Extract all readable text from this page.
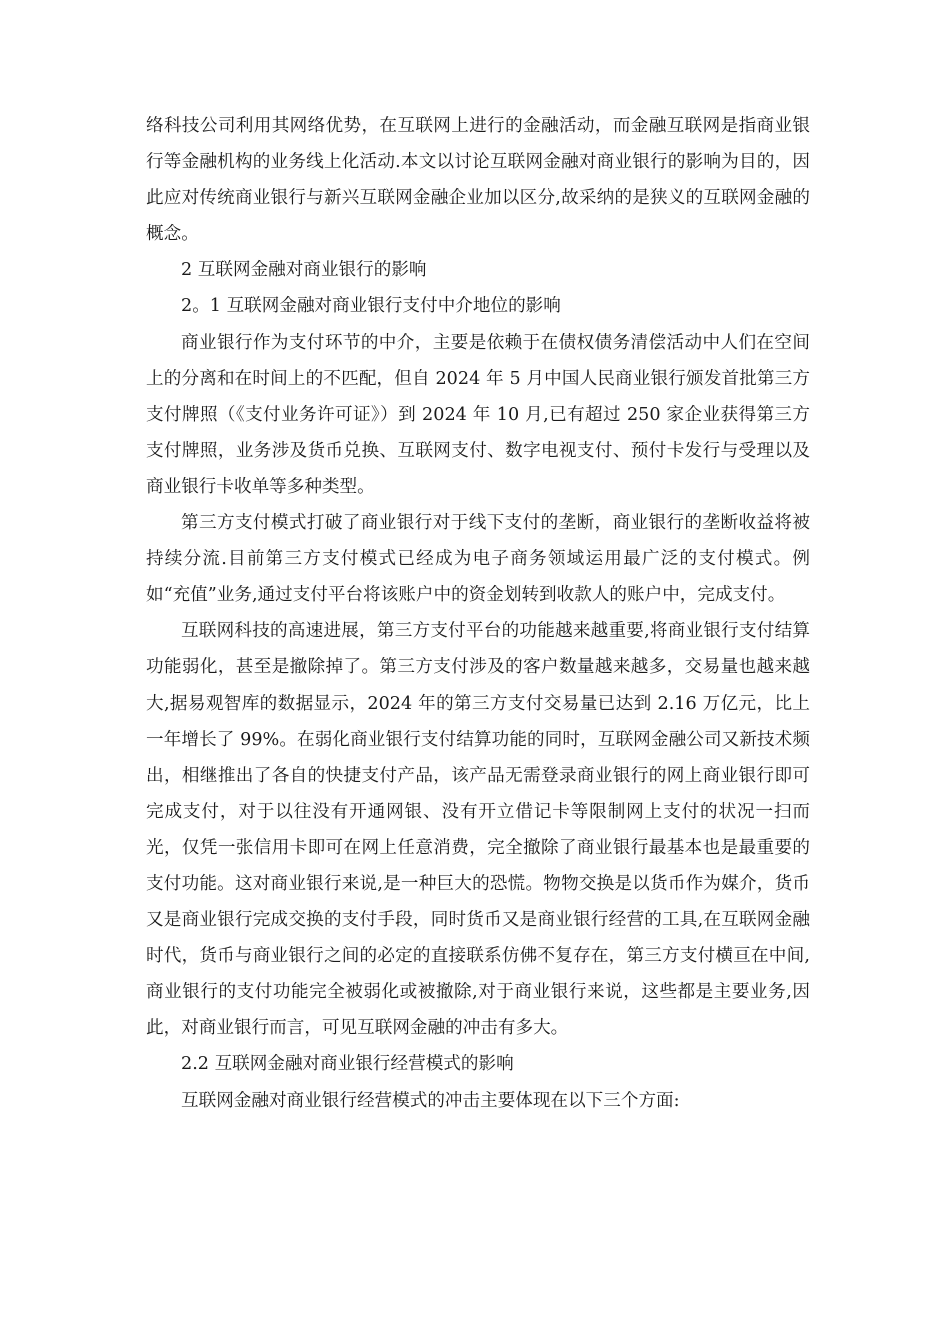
络科技公司利用其网络优势，在互联网上进行的金融活动，而金融互联网是指商业银行等金融机构的业务线上化活动.本文以讨论互联网金融对商业银行的影响为目的，因此应对传统商业银行与新兴互联网金融企业加以区分,故采纳的是狭义的互联网金融的概念。

2 互联网金融对商业银行的影响

2。1 互联网金融对商业银行支付中介地位的影响

商业银行作为支付环节的中介，主要是依赖于在债权债务清偿活动中人们在空间上的分离和在时间上的不匹配，但自 2024 年 5 月中国人民商业银行颁发首批第三方支付牌照（《支付业务许可证》）到 2024 年 10 月,已有超过 250 家企业获得第三方支付牌照，业务涉及货币兑换、互联网支付、数字电视支付、预付卡发行与受理以及商业银行卡收单等多种类型。

第三方支付模式打破了商业银行对于线下支付的垄断，商业银行的垄断收益将被持续分流.目前第三方支付模式已经成为电子商务领域运用最广泛的支付模式。例如“充值”业务,通过支付平台将该账户中的资金划转到收款人的账户中，完成支付。

互联网科技的高速进展，第三方支付平台的功能越来越重要,将商业银行支付结算功能弱化，甚至是撤除掉了。第三方支付涉及的客户数量越来越多，交易量也越来越大,据易观智库的数据显示，2024 年的第三方支付交易量已达到 2.16 万亿元，比上一年增长了 99%。在弱化商业银行支付结算功能的同时，互联网金融公司又新技术频出，相继推出了各自的快捷支付产品，该产品无需登录商业银行的网上商业银行即可完成支付，对于以往没有开通网银、没有开立借记卡等限制网上支付的状况一扫而光，仅凭一张信用卡即可在网上任意消费，完全撤除了商业银行最基本也是最重要的支付功能。这对商业银行来说,是一种巨大的恐慌。物物交换是以货币作为媒介，货币又是商业银行完成交换的支付手段，同时货币又是商业银行经营的工具,在互联网金融时代，货币与商业银行之间的必定的直接联系仿佛不复存在，第三方支付横亘在中间,商业银行的支付功能完全被弱化或被撤除,对于商业银行来说，这些都是主要业务,因此，对商业银行而言，可见互联网金融的冲击有多大。

2.2 互联网金融对商业银行经营模式的影响

互联网金融对商业银行经营模式的冲击主要体现在以下三个方面:
